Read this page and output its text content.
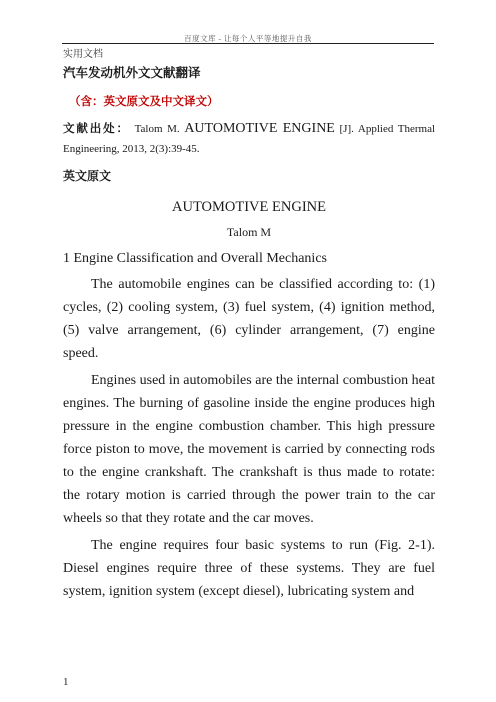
百度文库 - 让每个人平等地提升自我
实用文档

汽车发动机外文文献翻译

（含：英文原文及中文译文）

文献出处： Talom M. AUTOMOTIVE ENGINE [J]. Applied Thermal Engineering, 2013, 2(3):39-45.
英文原文
AUTOMOTIVE ENGINE
Talom M
1 Engine Classification and Overall Mechanics

The automobile engines can be classified according to: (1) cycles, (2) cooling system, (3) fuel system, (4) ignition method, (5) valve arrangement, (6) cylinder arrangement, (7) engine speed.

Engines used in automobiles are the internal combustion heat engines. The burning of gasoline inside the engine produces high pressure in the engine combustion chamber. This high pressure force piston to move, the movement is carried by connecting rods to the engine crankshaft. The crankshaft is thus made to rotate: the rotary motion is carried through the power train to the car wheels so that they rotate and the car moves.

The engine requires four basic systems to run (Fig. 2-1). Diesel engines require three of these systems. They are fuel system, ignition system (except diesel), lubricating system and

1
